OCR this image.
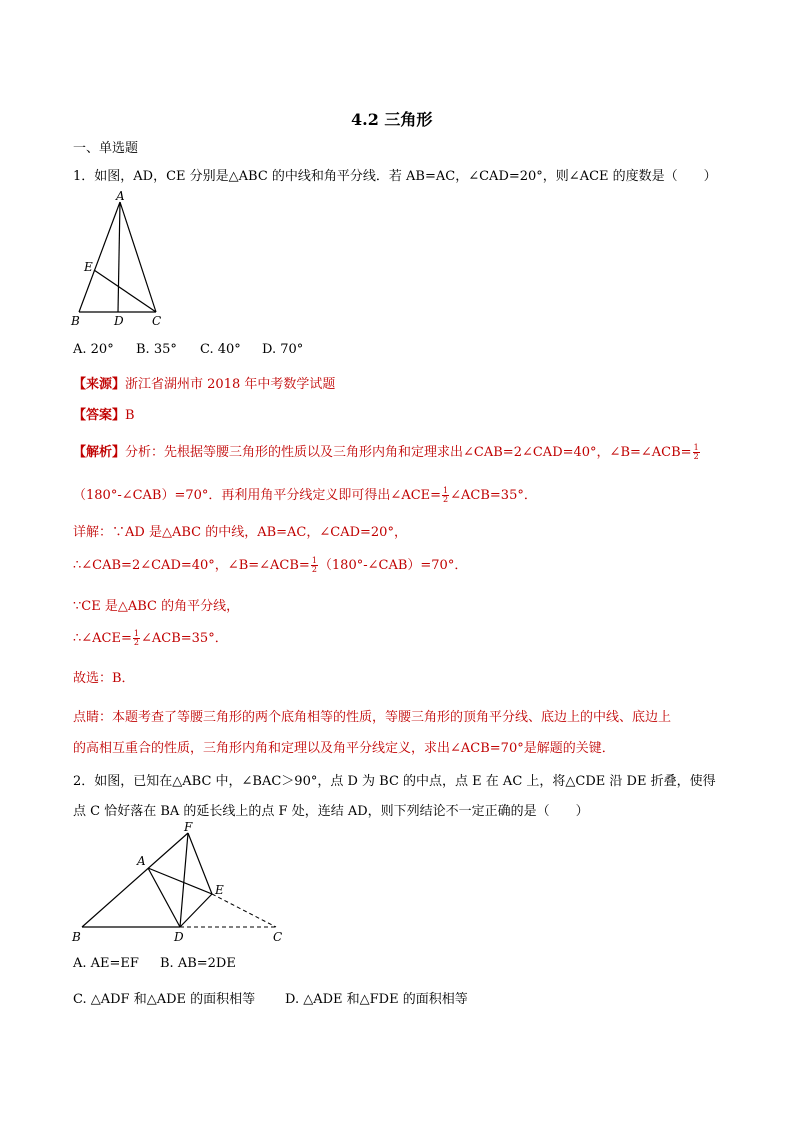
4.2 三角形
一、单选题
1．如图，AD，CE 分别是△ABC 的中线和角平分线．若 AB=AC，∠CAD=20°，则∠ACE 的度数是（　　）
A
E
B	D C
A. 20° B. 35° C. 40° D. 70°
【来源】浙江省湖州市 2018 年中考数学试题
【答案】B
【解析】分析：先根据等腰三角形的性质以及三角形内角和定理求出∠CAB=2∠CAD=40°，∠B=∠ACB= $\frac{1}{2}$
（180°-∠CAB）=70°．再利用角平分线定义即可得出∠ACE= $\frac{1}{2}$ ∠ACB=35°．
详解：∵AD 是△ABC 的中线，AB=AC，∠CAD=20°，
∴∠CAB=2∠CAD=40°，∠B=∠ACB= $\frac{1}{2}$ （180°-∠CAB）=70°．
∵CE 是△ABC 的角平分线，
∴∠ACE= $\frac{1}{2}$ ∠ACB=35°．
故选：B．
点睛：本题考查了等腰三角形的两个底角相等的性质，等腰三角形的顶角平分线、底边上的中线、底边上
的高相互重合的性质，三角形内角和定理以及角平分线定义，求出∠ACB=70°是解题的关键．
2．如图，已知在△ABC 中，∠BAC＞90°，点 D 为 BC 的中点，点 E 在 AC 上，将△CDE 沿 DE 折叠，使得
点 C 恰好落在 BA 的延长线上的点 F 处，连结 AD，则下列结论不一定正确的是（　　）
F
A
E
B	D	C
A. AE=EF B. AB=2DE
C. △ADF 和△ADE 的面积相等 D. △ADE 和△FDE 的面积相等
